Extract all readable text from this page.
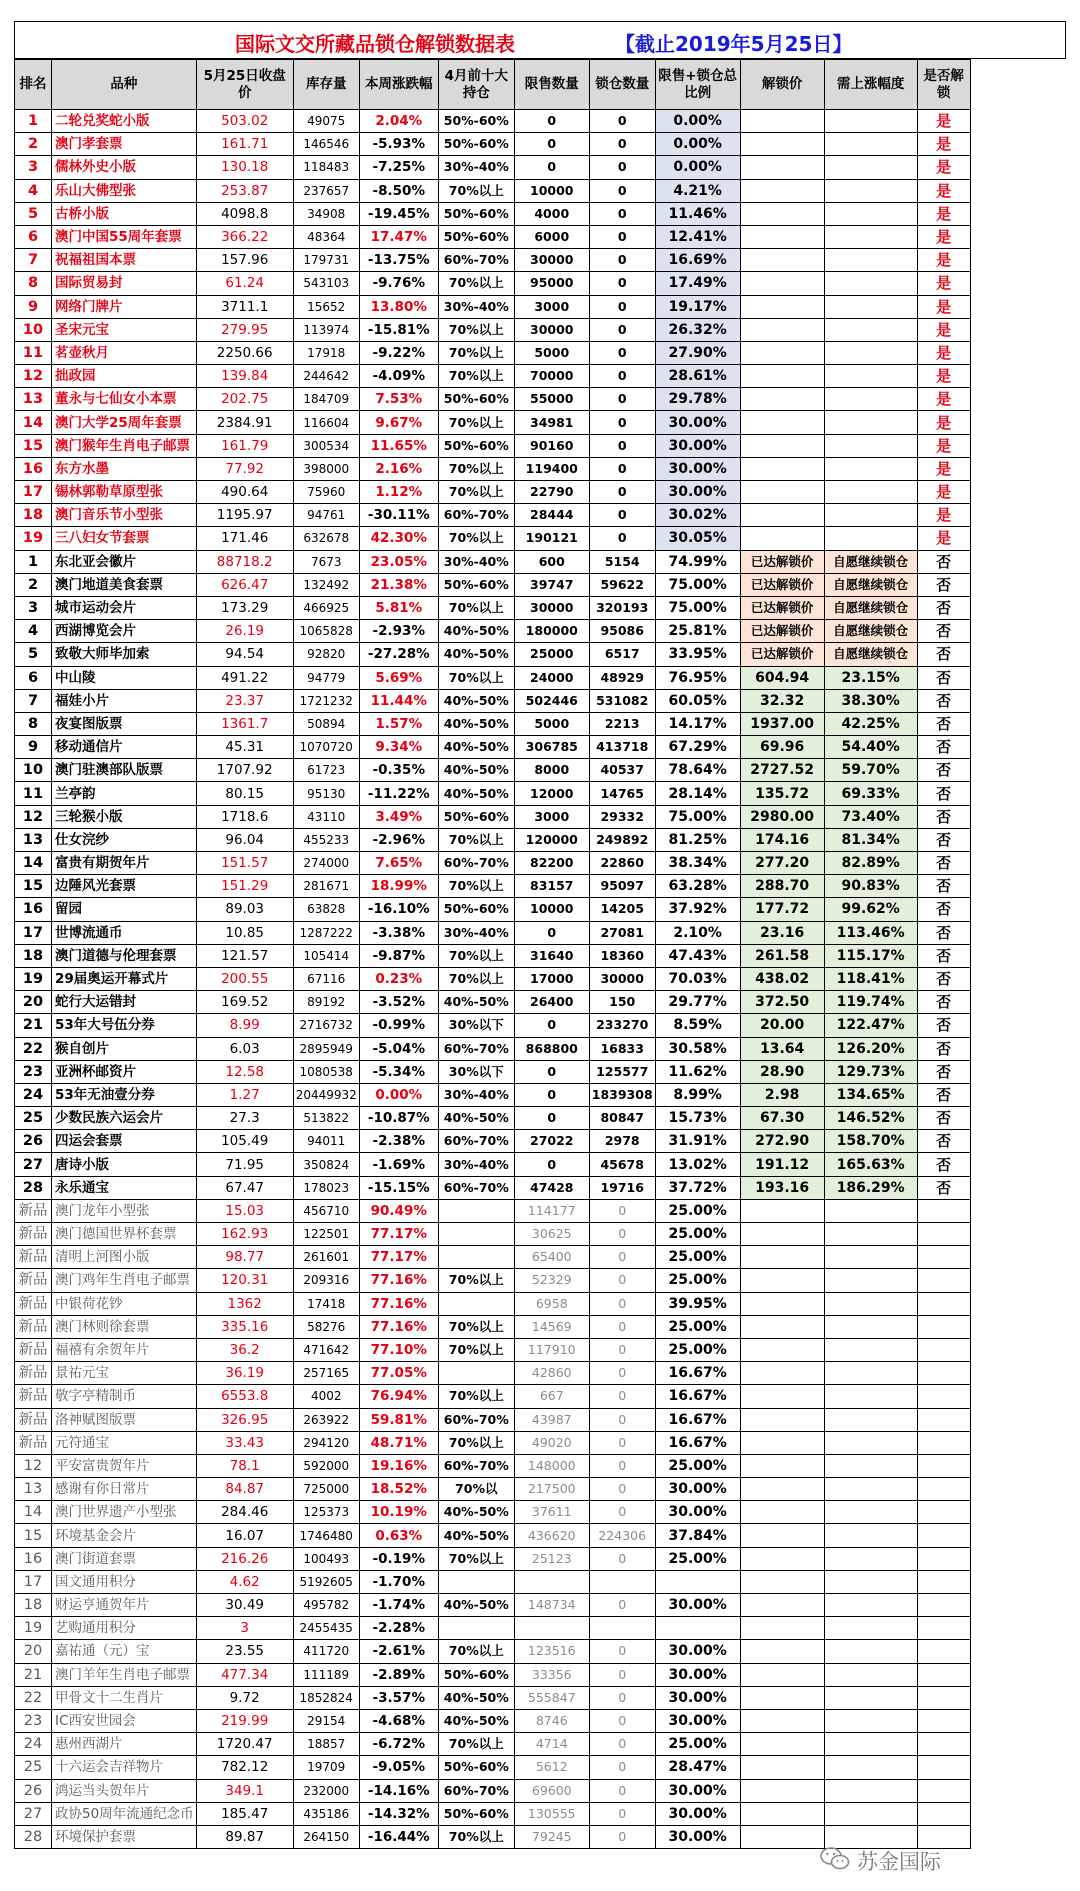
国际文交所藏品锁仓解锁数据表	【截止2019年5月25日】
排名	品种	5月25日收盘价	库存量	本周涨跌幅	4月前十大持仓	限售数量	锁仓数量	限售+锁仓总比例	解锁价	需上涨幅度	是否解锁
1	二轮兑奖蛇小版	503.02	49075	2.04%	50%-60%	0	0	0.00%			是
2	澳门孝套票	161.71	146546	-5.93%	50%-60%	0	0	0.00%			是
3	儒林外史小版	130.18	118483	-7.25%	30%-40%	0	0	0.00%			是
4	乐山大佛型张	253.87	237657	-8.50%	70%以上	10000	0	4.21%			是
5	古桥小版	4098.8	34908	-19.45%	50%-60%	4000	0	11.46%			是
6	澳门中国55周年套票	366.22	48364	17.47%	50%-60%	6000	0	12.41%			是
7	祝福祖国本票	157.96	179731	-13.75%	60%-70%	30000	0	16.69%			是
8	国际贸易封	61.24	543103	-9.76%	70%以上	95000	0	17.49%			是
9	网络门牌片	3711.1	15652	13.80%	30%-40%	3000	0	19.17%			是
10	圣宋元宝	279.95	113974	-15.81%	70%以上	30000	0	26.32%			是
11	茗壶秋月	2250.66	17918	-9.22%	70%以上	5000	0	27.90%			是
12	拙政园	139.84	244642	-4.09%	70%以上	70000	0	28.61%			是
13	董永与七仙女小本票	202.75	184709	7.53%	50%-60%	55000	0	29.78%			是
14	澳门大学25周年套票	2384.91	116604	9.67%	70%以上	34981	0	30.00%			是
15	澳门猴年生肖电子邮票	161.79	300534	11.65%	50%-60%	90160	0	30.00%			是
16	东方水墨	77.92	398000	2.16%	70%以上	119400	0	30.00%			是
17	锡林郭勒草原型张	490.64	75960	1.12%	70%以上	22790	0	30.00%			是
18	澳门音乐节小型张	1195.97	94761	-30.11%	60%-70%	28444	0	30.02%			是
19	三八妇女节套票	171.46	632678	42.30%	70%以上	190121	0	30.05%			是
1	东北亚会徽片	88718.2	7673	23.05%	30%-40%	600	5154	74.99%	已达解锁价	自愿继续锁仓	否
2	澳门地道美食套票	626.47	132492	21.38%	50%-60%	39747	59622	75.00%	已达解锁价	自愿继续锁仓	否
3	城市运动会片	173.29	466925	5.81%	70%以上	30000	320193	75.00%	已达解锁价	自愿继续锁仓	否
4	西湖博览会片	26.19	1065828	-2.93%	40%-50%	180000	95086	25.81%	已达解锁价	自愿继续锁仓	否
5	致敬大师毕加索	94.54	92820	-27.28%	40%-50%	25000	6517	33.95%	已达解锁价	自愿继续锁仓	否
6	中山陵	491.22	94779	5.69%	70%以上	24000	48929	76.95%	604.94	23.15%	否
7	福娃小片	23.37	1721232	11.44%	40%-50%	502446	531082	60.05%	32.32	38.30%	否
8	夜宴图版票	1361.7	50894	1.57%	40%-50%	5000	2213	14.17%	1937.00	42.25%	否
9	移动通信片	45.31	1070720	9.34%	40%-50%	306785	413718	67.29%	69.96	54.40%	否
10	澳门驻澳部队版票	1707.92	61723	-0.35%	40%-50%	8000	40537	78.64%	2727.52	59.70%	否
11	兰亭韵	80.15	95130	-11.22%	40%-50%	12000	14765	28.14%	135.72	69.33%	否
12	三轮猴小版	1718.6	43110	3.49%	50%-60%	3000	29332	75.00%	2980.00	73.40%	否
13	仕女浣纱	96.04	455233	-2.96%	70%以上	120000	249892	81.25%	174.16	81.34%	否
14	富贵有期贺年片	151.57	274000	7.65%	60%-70%	82200	22860	38.34%	277.20	82.89%	否
15	边陲风光套票	151.29	281671	18.99%	70%以上	83157	95097	63.28%	288.70	90.83%	否
16	留园	89.03	63828	-16.10%	50%-60%	10000	14205	37.92%	177.72	99.62%	否
17	世博流通币	10.85	1287222	-3.38%	30%-40%	0	27081	2.10%	23.16	113.46%	否
18	澳门道德与伦理套票	121.57	105414	-9.87%	70%以上	31640	18360	47.43%	261.58	115.17%	否
19	29届奥运开幕式片	200.55	67116	0.23%	70%以上	17000	30000	70.03%	438.02	118.41%	否
20	蛇行大运错封	169.52	89192	-3.52%	40%-50%	26400	150	29.77%	372.50	119.74%	否
21	53年大号伍分券	8.99	2716732	-0.99%	30%以下	0	233270	8.59%	20.00	122.47%	否
22	猴自创片	6.03	2895949	-5.04%	60%-70%	868800	16833	30.58%	13.64	126.20%	否
23	亚洲杯邮资片	12.58	1080538	-5.34%	30%以下	0	125577	11.62%	28.90	129.73%	否
24	53年无油壹分券	1.27	20449932	0.00%	30%-40%	0	1839308	8.99%	2.98	134.65%	否
25	少数民族六运会片	27.3	513822	-10.87%	40%-50%	0	80847	15.73%	67.30	146.52%	否
26	四运会套票	105.49	94011	-2.38%	60%-70%	27022	2978	31.91%	272.90	158.70%	否
27	唐诗小版	71.95	350824	-1.69%	30%-40%	0	45678	13.02%	191.12	165.63%	否
28	永乐通宝	67.47	178023	-15.15%	60%-70%	47428	19716	37.72%	193.16	186.29%	否
新品	澳门龙年小型张	15.03	456710	90.49%		114177	0	25.00%			
新品	澳门德国世界杯套票	162.93	122501	77.17%		30625	0	25.00%			
新品	清明上河图小版	98.77	261601	77.17%		65400	0	25.00%			
新品	澳门鸡年生肖电子邮票	120.31	209316	77.16%	70%以上	52329	0	25.00%			
新品	中银荷花钞	1362	17418	77.16%		6958	0	39.95%			
新品	澳门林则徐套票	335.16	58276	77.16%	70%以上	14569	0	25.00%			
新品	福禧有余贺年片	36.2	471642	77.10%	70%以上	117910	0	25.00%			
新品	景祐元宝	36.19	257165	77.05%		42860	0	16.67%			
新品	敬字亭精制币	6553.8	4002	76.94%	70%以上	667	0	16.67%			
新品	洛神赋图版票	326.95	263922	59.81%	60%-70%	43987	0	16.67%			
新品	元符通宝	33.43	294120	48.71%	70%以上	49020	0	16.67%			
12	平安富贵贺年片	78.1	592000	19.16%	60%-70%	148000	0	25.00%			
13	感谢有你日常片	84.87	725000	18.52%	70%以	217500	0	30.00%			
14	澳门世界遗产小型张	284.46	125373	10.19%	40%-50%	37611	0	30.00%			
15	环境基金会片	16.07	1746480	0.63%	40%-50%	436620	224306	37.84%			
16	澳门街道套票	216.26	100493	-0.19%	70%以上	25123	0	25.00%			
17	国文通用积分	4.62	5192605	-1.70%							
18	财运亨通贺年片	30.49	495782	-1.74%	40%-50%	148734	0	30.00%			
19	艺购通用积分	3	2455435	-2.28%							
20	嘉祐通（元）宝	23.55	411720	-2.61%	70%以上	123516	0	30.00%			
21	澳门羊年生肖电子邮票	477.34	111189	-2.89%	50%-60%	33356	0	30.00%			
22	甲骨文十二生肖片	9.72	1852824	-3.57%	40%-50%	555847	0	30.00%			
23	IC西安世园会	219.99	29154	-4.68%	40%-50%	8746	0	30.00%			
24	惠州西湖片	1720.47	18857	-6.72%	70%以上	4714	0	25.00%			
25	十六运会吉祥物片	782.12	19709	-9.05%	50%-60%	5612	0	28.47%			
26	鸿运当头贺年片	349.1	232000	-14.16%	60%-70%	69600	0	30.00%			
27	政协50周年流通纪念币	185.47	435186	-14.32%	50%-60%	130555	0	30.00%			
28	环境保护套票	89.87	264150	-16.44%	70%以上	79245	0	30.00%			
苏金国际
